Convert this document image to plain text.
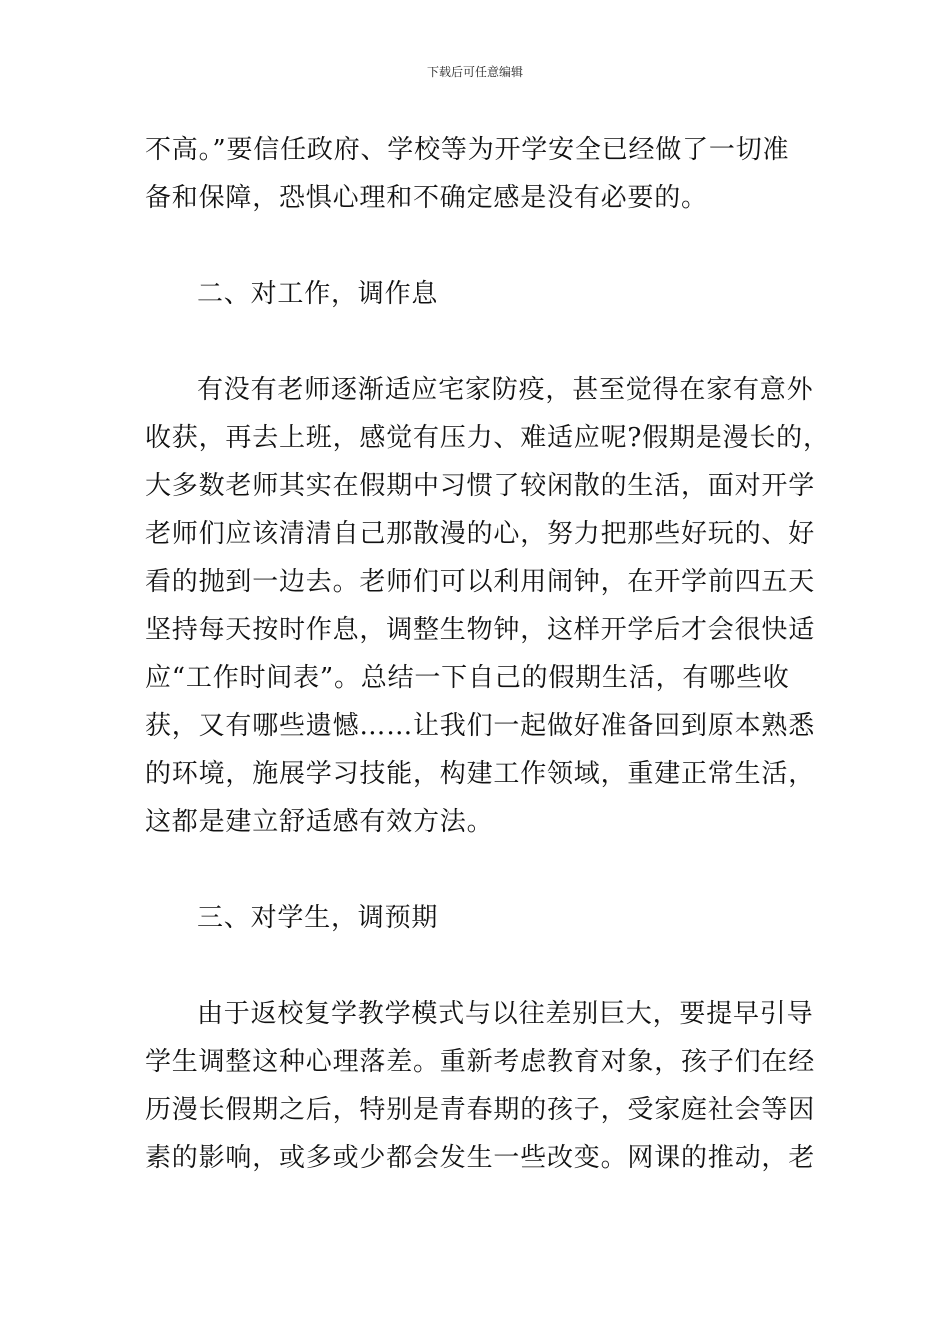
下载后可任意编辑
不高。”要信任政府、学校等为开学安全已经做了一切准
备和保障，恐惧心理和不确定感是没有必要的。
二、对工作，调作息
有没有老师逐渐适应宅家防疫，甚至觉得在家有意外
收获，再去上班，感觉有压力、难适应呢?假期是漫长的，
大多数老师其实在假期中习惯了较闲散的生活，面对开学
老师们应该清清自己那散漫的心，努力把那些好玩的、好
看的抛到一边去。老师们可以利用闹钟，在开学前四五天
坚持每天按时作息，调整生物钟，这样开学后才会很快适
应“工作时间表”。总结一下自己的假期生活，有哪些收
获，又有哪些遗憾……让我们一起做好准备回到原本熟悉
的环境，施展学习技能，构建工作领域，重建正常生活，
这都是建立舒适感有效方法。
三、对学生，调预期
由于返校复学教学模式与以往差别巨大，要提早引导
学生调整这种心理落差。重新考虑教育对象，孩子们在经
历漫长假期之后，特别是青春期的孩子，受家庭社会等因
素的影响，或多或少都会发生一些改变。网课的推动，老
